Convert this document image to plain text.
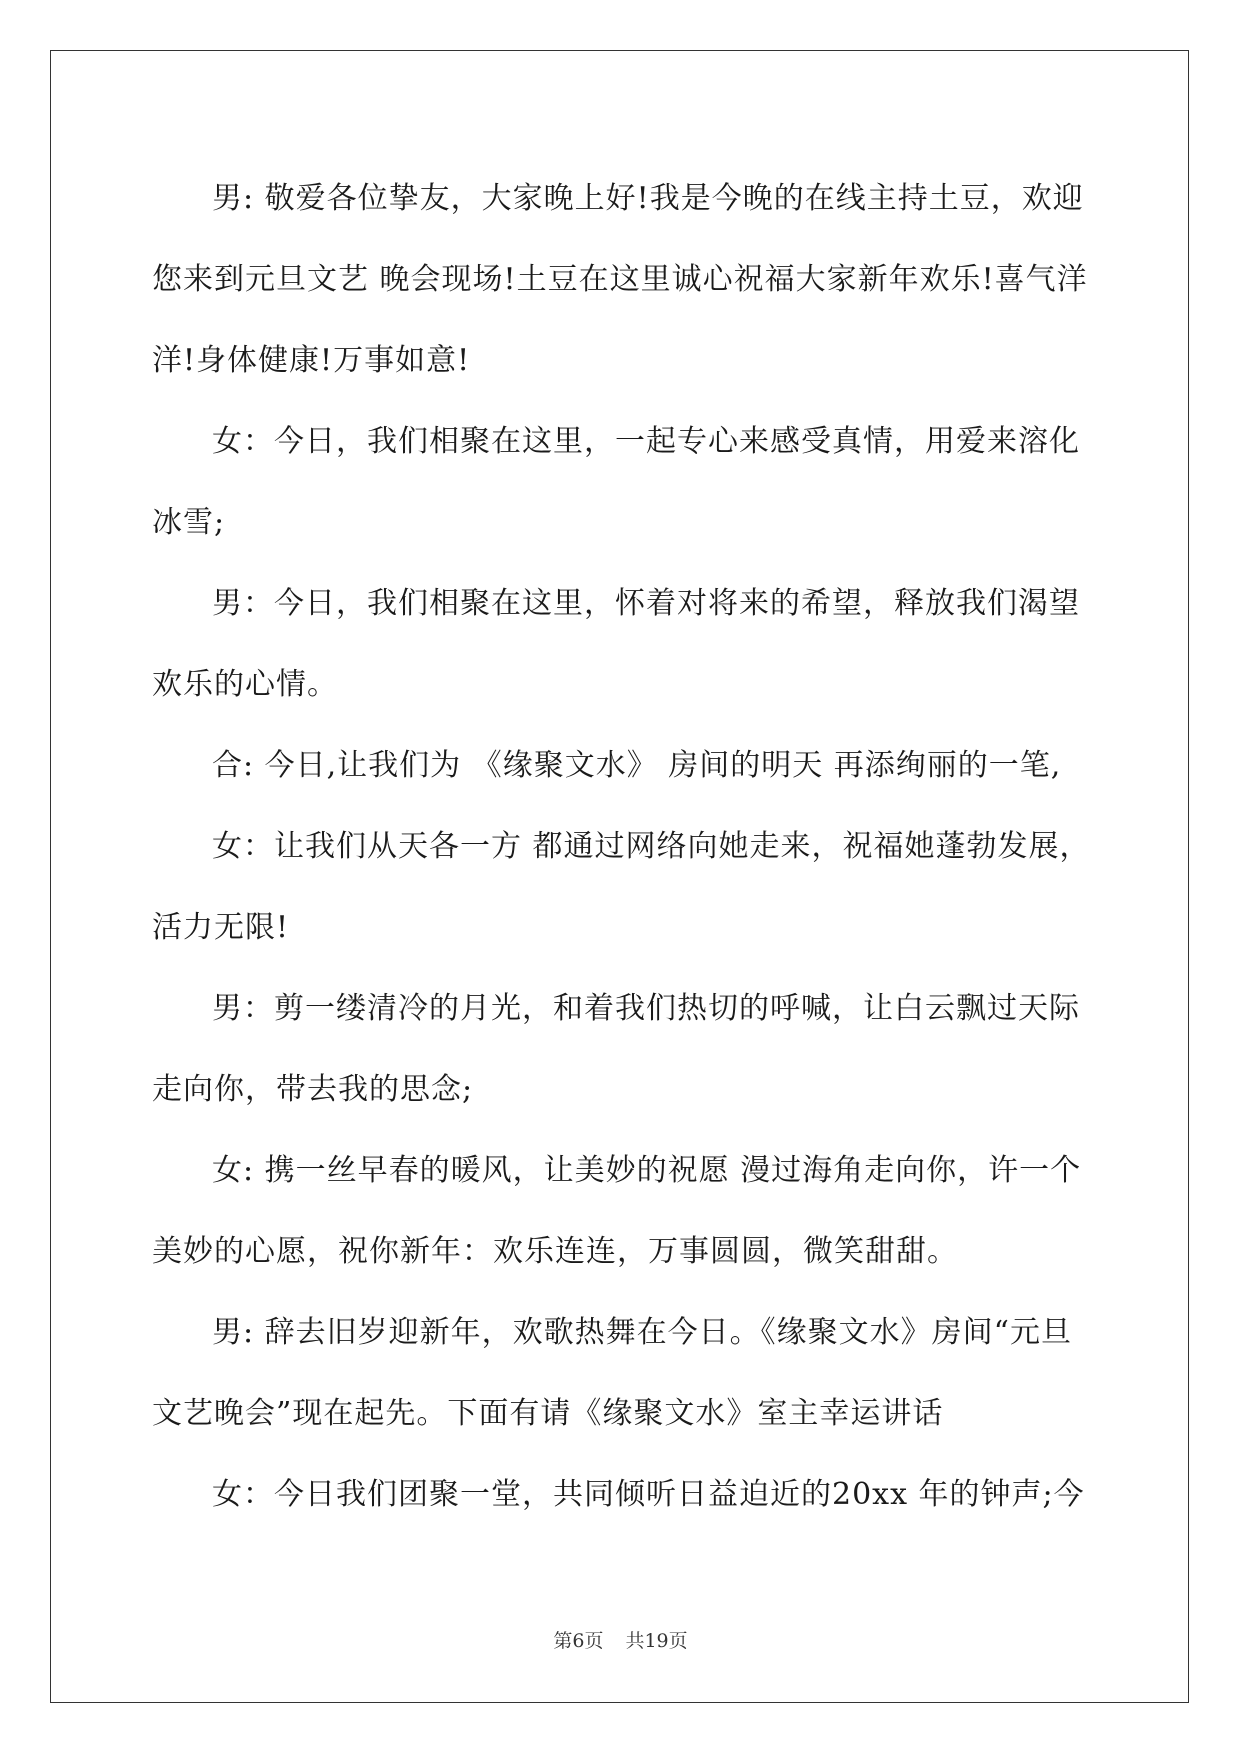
男: 敬爱各位挚友，大家晚上好!我是今晚的在线主持土豆，欢迎您来到元旦文艺 晚会现场!土豆在这里诚心祝福大家新年欢乐!喜气洋洋!身体健康!万事如意!

女：今日，我们相聚在这里，一起专心来感受真情，用爱来溶化冰雪;

男：今日，我们相聚在这里，怀着对将来的希望，释放我们渴望欢乐的心情。

合: 今日,让我们为 《缘聚文水》 房间的明天 再添绚丽的一笔,

女：让我们从天各一方 都通过网络向她走来，祝福她蓬勃发展，活力无限!

男：剪一缕清冷的月光，和着我们热切的呼喊，让白云飘过天际走向你，带去我的思念;

女: 携一丝早春的暖风，让美妙的祝愿 漫过海角走向你，许一个美妙的心愿，祝你新年：欢乐连连，万事圆圆，微笑甜甜。

男: 辞去旧岁迎新年，欢歌热舞在今日。《缘聚文水》房间“元旦文艺晚会”现在起先。下面有请《缘聚文水》室主幸运讲话

女：今日我们团聚一堂，共同倾听日益迫近的20xx 年的钟声;今

第6页 共19页
